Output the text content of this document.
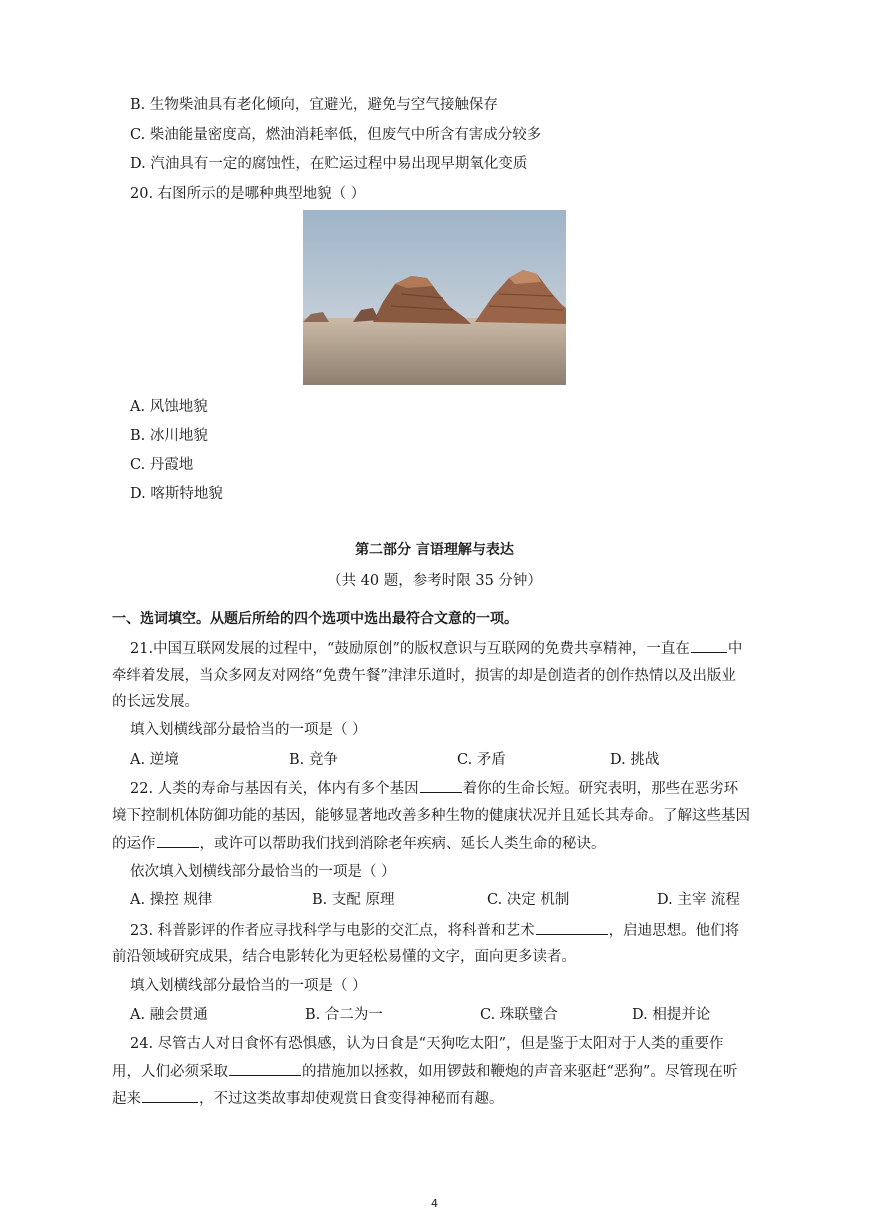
B. 生物柴油具有老化倾向，宜避光，避免与空气接触保存
C. 柴油能量密度高，燃油消耗率低，但废气中所含有害成分较多
D. 汽油具有一定的腐蚀性，在贮运过程中易出现早期氧化变质
20. 右图所示的是哪种典型地貌（ ）
A. 风蚀地貌
B. 冰川地貌
C. 丹霞地
D. 喀斯特地貌
第二部分 言语理解与表达
（共 40 题，参考时限 35 分钟）
一、选词填空。从题后所给的四个选项中选出最符合文意的一项。
21.中国互联网发展的过程中，“鼓励原创”的版权意识与互联网的免费共享精神，一直在	中
牵绊着发展，当众多网友对网络“免费午餐”津津乐道时，损害的却是创造者的创作热情以及出版业
的长远发展。
填入划横线部分最恰当的一项是（ ）
A. 逆境	B. 竞争	C. 矛盾	D. 挑战
22. 人类的寿命与基因有关，体内有多个基因	着你的生命长短。研究表明，那些在恶劣环
境下控制机体防御功能的基因，能够显著地改善多种生物的健康状况并且延长其寿命。了解这些基因
的运作	，或许可以帮助我们找到消除老年疾病、延长人类生命的秘诀。
依次填入划横线部分最恰当的一项是（ ）
A. 操控 规律	B. 支配 原理	C. 决定 机制	D. 主宰 流程
23. 科普影评的作者应寻找科学与电影的交汇点，将科普和艺术	，启迪思想。他们将
前沿领域研究成果，结合电影转化为更轻松易懂的文字，面向更多读者。
填入划横线部分最恰当的一项是（ ）
A. 融会贯通	B. 合二为一	C. 珠联璧合	D. 相提并论
24. 尽管古人对日食怀有恐惧感，认为日食是“天狗吃太阳”，但是鉴于太阳对于人类的重要作
用，人们必须采取	的措施加以拯救，如用锣鼓和鞭炮的声音来驱赶“恶狗”。尽管现在听
起来	，不过这类故事却使观赏日食变得神秘而有趣。
4
